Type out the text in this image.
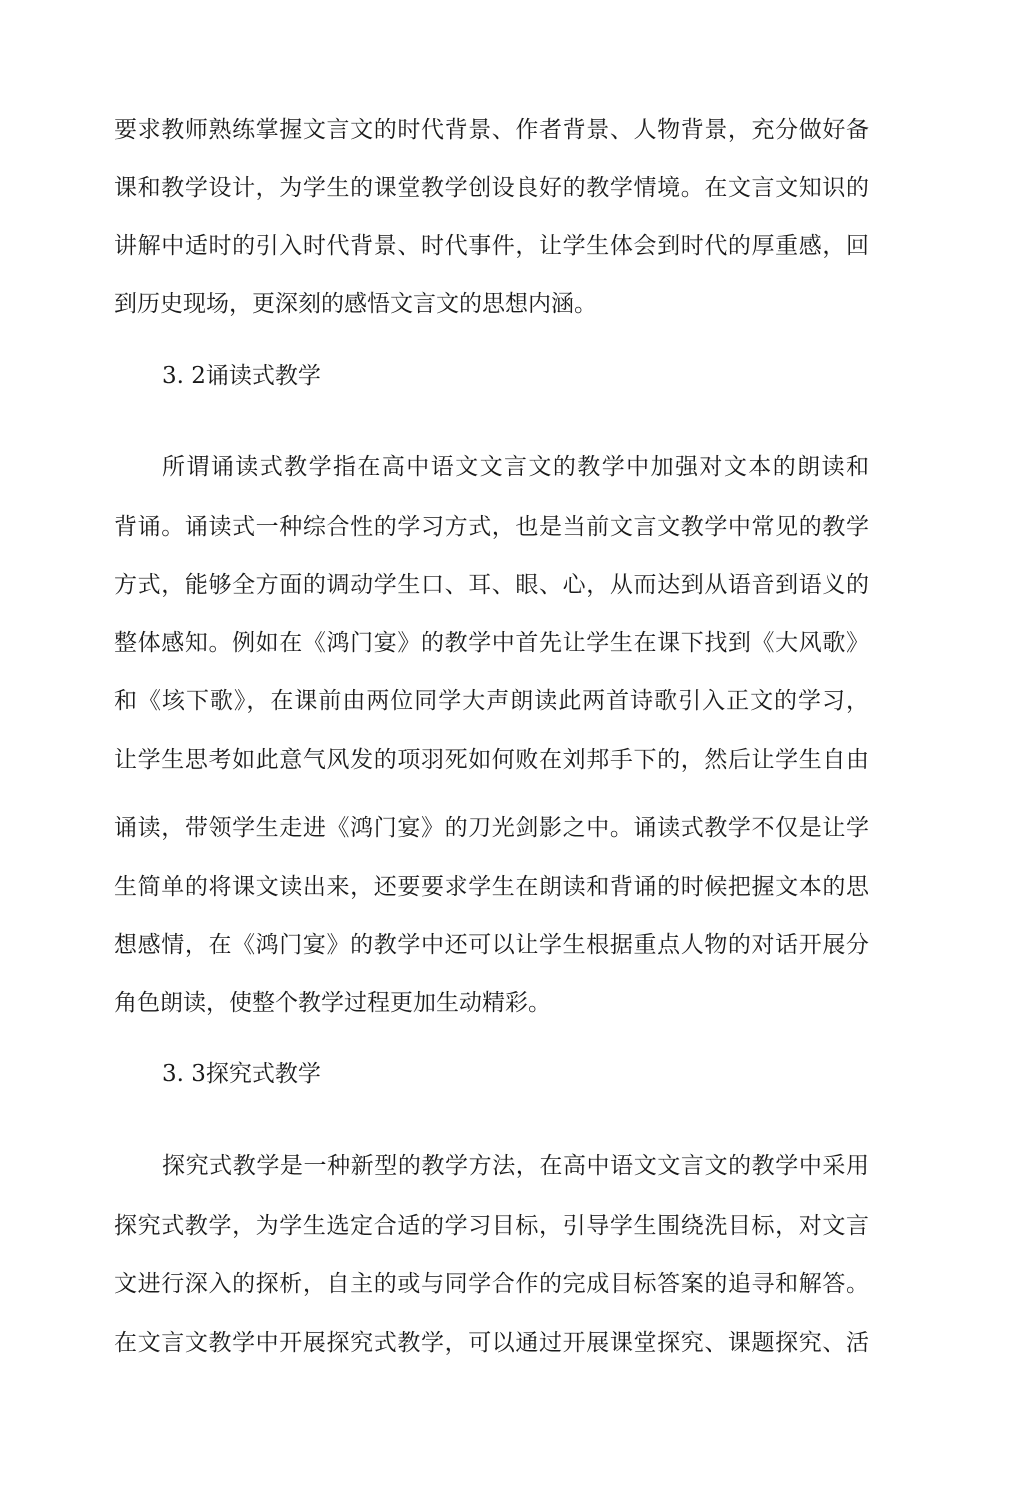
要求教师熟练掌握文言文的时代背景、作者背景、人物背景，充分做好备
课和教学设计，为学生的课堂教学创设良好的教学情境。在文言文知识的
讲解中适时的引入时代背景、时代事件，让学生体会到时代的厚重感，回
到历史现场，更深刻的感悟文言文的思想内涵。
3. 2诵读式教学
所谓诵读式教学指在高中语文文言文的教学中加强对文本的朗读和
背诵。诵读式一种综合性的学习方式，也是当前文言文教学中常见的教学
方式，能够全方面的调动学生口、耳、眼、心，从而达到从语音到语义的
整体感知。例如在《鸿门宴》的教学中首先让学生在课下找到《大风歌》
和《垓下歌》，在课前由两位同学大声朗读此两首诗歌引入正文的学习，
让学生思考如此意气风发的项羽死如何败在刘邦手下的，然后让学生自由
诵读，带领学生走进《鸿门宴》的刀光剑影之中。诵读式教学不仅是让学
生简单的将课文读出来，还要要求学生在朗读和背诵的时候把握文本的思
想感情，在《鸿门宴》的教学中还可以让学生根据重点人物的对话开展分
角色朗读，使整个教学过程更加生动精彩。
3. 3探究式教学
探究式教学是一种新型的教学方法，在高中语文文言文的教学中采用
探究式教学，为学生选定合适的学习目标，引导学生围绕洗目标，对文言
文进行深入的探析，自主的或与同学合作的完成目标答案的追寻和解答。
在文言文教学中开展探究式教学，可以通过开展课堂探究、课题探究、活
